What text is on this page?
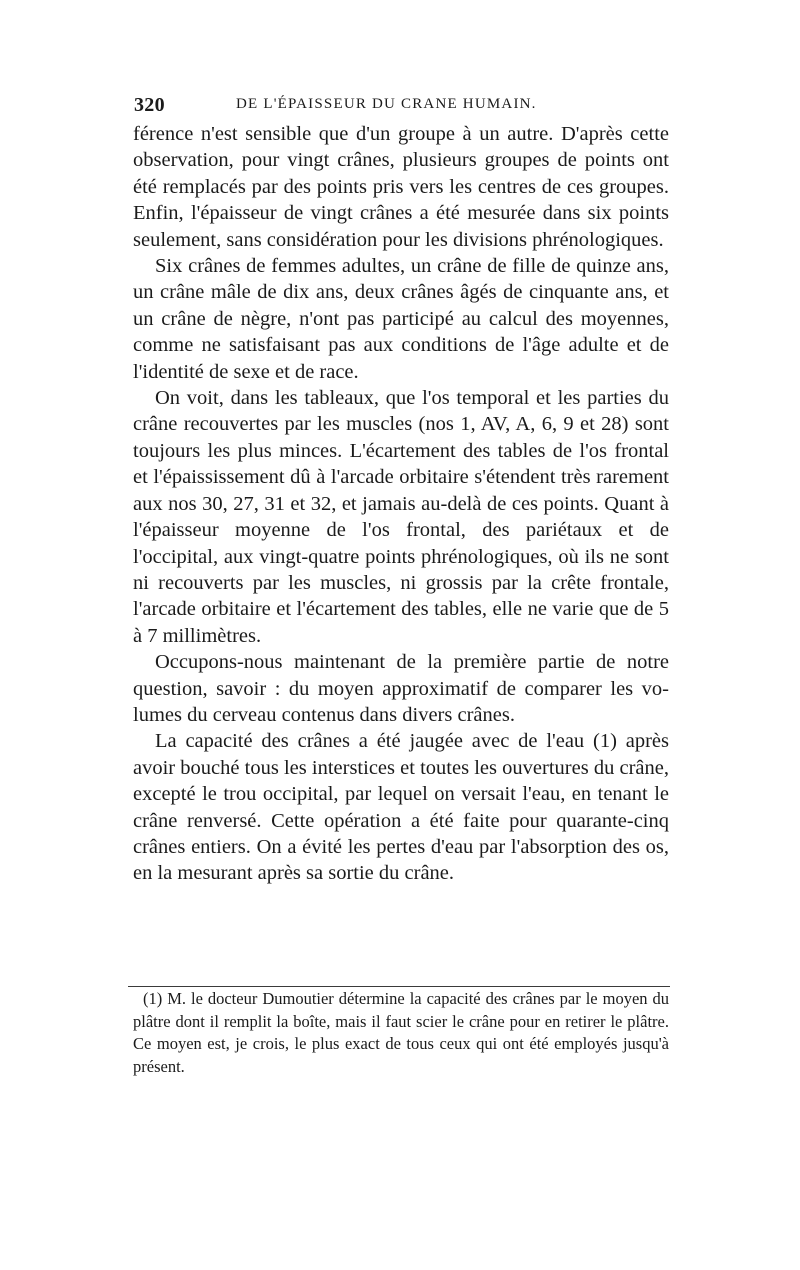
320	DE L'ÉPAISSEUR DU CRANE HUMAIN.

férence n'est sensible que d'un groupe à un autre. D'après cette observation, pour vingt crânes, plusieurs groupes de points ont été remplacés par des points pris vers les centres de ces groupes. Enfin, l'épaisseur de vingt crânes a été mesurée dans six points seulement, sans considération pour les divisions phrénologiques.

Six crânes de femmes adultes, un crâne de fille de quinze ans, un crâne mâle de dix ans, deux crânes âgés de cinquante ans, et un crâne de nègre, n'ont pas participé au calcul des moyennes, comme ne satisfaisant pas aux conditions de l'âge adulte et de l'identité de sexe et de race.

On voit, dans les tableaux, que l'os temporal et les parties du crâne recouvertes par les muscles (nos 1, AV, A, 6, 9 et 28) sont toujours les plus minces. L'écartement des tables de l'os frontal et l'épaississement dû à l'arcade orbitaire s'étendent très rarement aux nos 30, 27, 31 et 32, et jamais au-delà de ces points. Quant à l'épaisseur moyenne de l'os frontal, des pariétaux et de l'occipital, aux vingt-quatre points phrénologiques, où ils ne sont ni recouverts par les muscles, ni grossis par la crête frontale, l'arcade orbitaire et l'écartement des tables, elle ne varie que de 5 à 7 millimètres.

Occupons-nous maintenant de la première partie de notre question, savoir : du moyen approximatif de comparer les volumes du cerveau contenus dans divers crânes.

La capacité des crânes a été jaugée avec de l'eau (1) après avoir bouché tous les interstices et toutes les ouvertures du crâne, excepté le trou occipital, par lequel on versait l'eau, en tenant le crâne renversé. Cette opération a été faite pour quarante-cinq crânes entiers. On a évité les pertes d'eau par l'absorption des os, en la mesurant après sa sortie du crâne.

(1) M. le docteur Dumoutier détermine la capacité des crânes par le moyen du plâtre dont il remplit la boîte, mais il faut scier le crâne pour en retirer le plâtre. Ce moyen est, je crois, le plus exact de tous ceux qui ont été employés jusqu'à présent.
